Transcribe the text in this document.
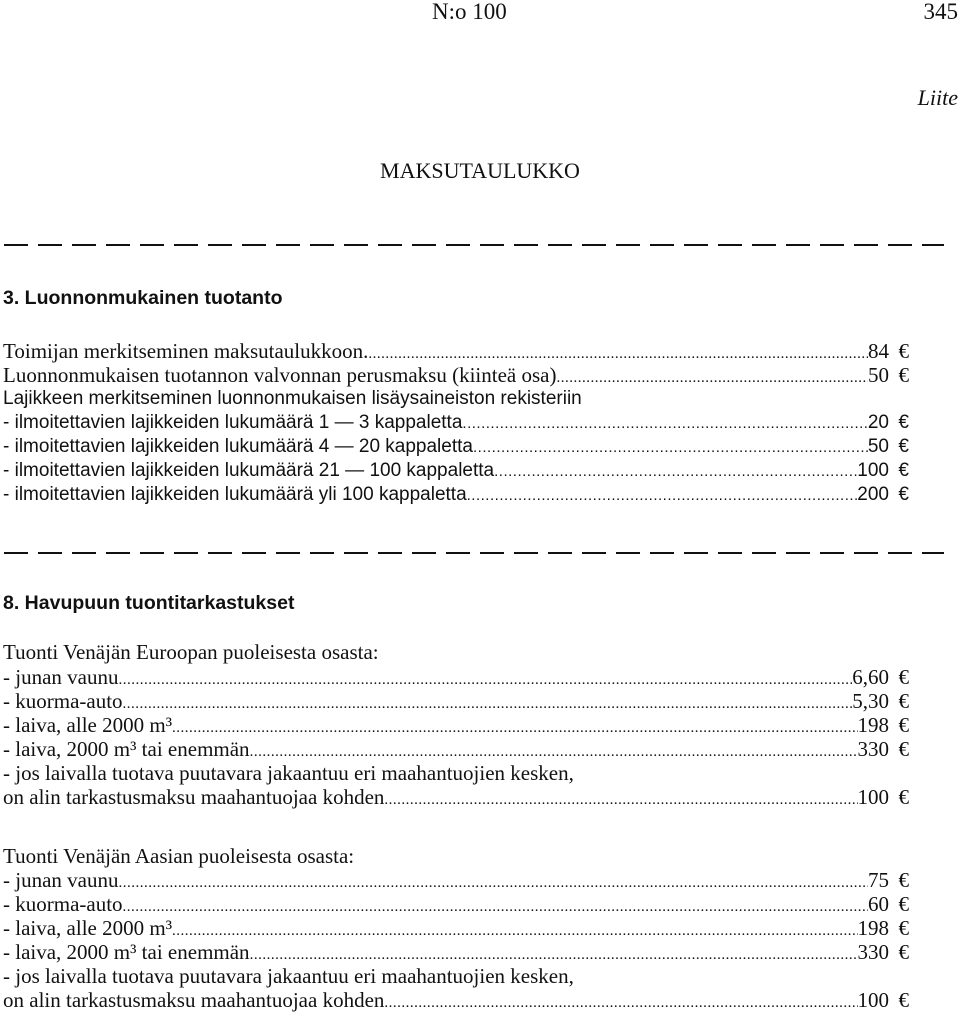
N:o 100	345
Liite
MAKSUTAULUKKO
3. Luonnonmukainen tuotanto
Toimijan merkitseminen maksutaulukkoon. .....	84 €
Luonnonmukaisen tuotannon valvonnan perusmaksu (kiinteä osa) .....	50 €
Lajikkeen merkitseminen luonnonmukaisen lisäysaineiston rekisteriin
- ilmoitettavien lajikkeiden lukumäärä 1 — 3 kappaletta .....	20 €
- ilmoitettavien lajikkeiden lukumäärä 4 — 20 kappaletta .....	50 €
- ilmoitettavien lajikkeiden lukumäärä 21 — 100 kappaletta .....	100 €
- ilmoitettavien lajikkeiden lukumäärä yli 100 kappaletta .....	200 €
8. Havupuun tuontitarkastukset
Tuonti Venäjän Euroopan puoleisesta osasta:
- junan vaunu .....	6,60 €
- kuorma-auto .....	5,30 €
- laiva, alle 2000 m³ .....	198 €
- laiva, 2000 m³ tai enemmän .....	330 €
- jos laivalla tuotava puutavara jakaantuu eri maahantuojien kesken,
on alin tarkastusmaksu maahantuojaa kohden .....	100 €
Tuonti Venäjän Aasian puoleisesta osasta:
- junan vaunu .....	75 €
- kuorma-auto .....	60 €
- laiva, alle 2000 m³ .....	198 €
- laiva, 2000 m³ tai enemmän .....	330 €
- jos laivalla tuotava puutavara jakaantuu eri maahantuojien kesken,
on alin tarkastusmaksu maahantuojaa kohden .....	100 €
